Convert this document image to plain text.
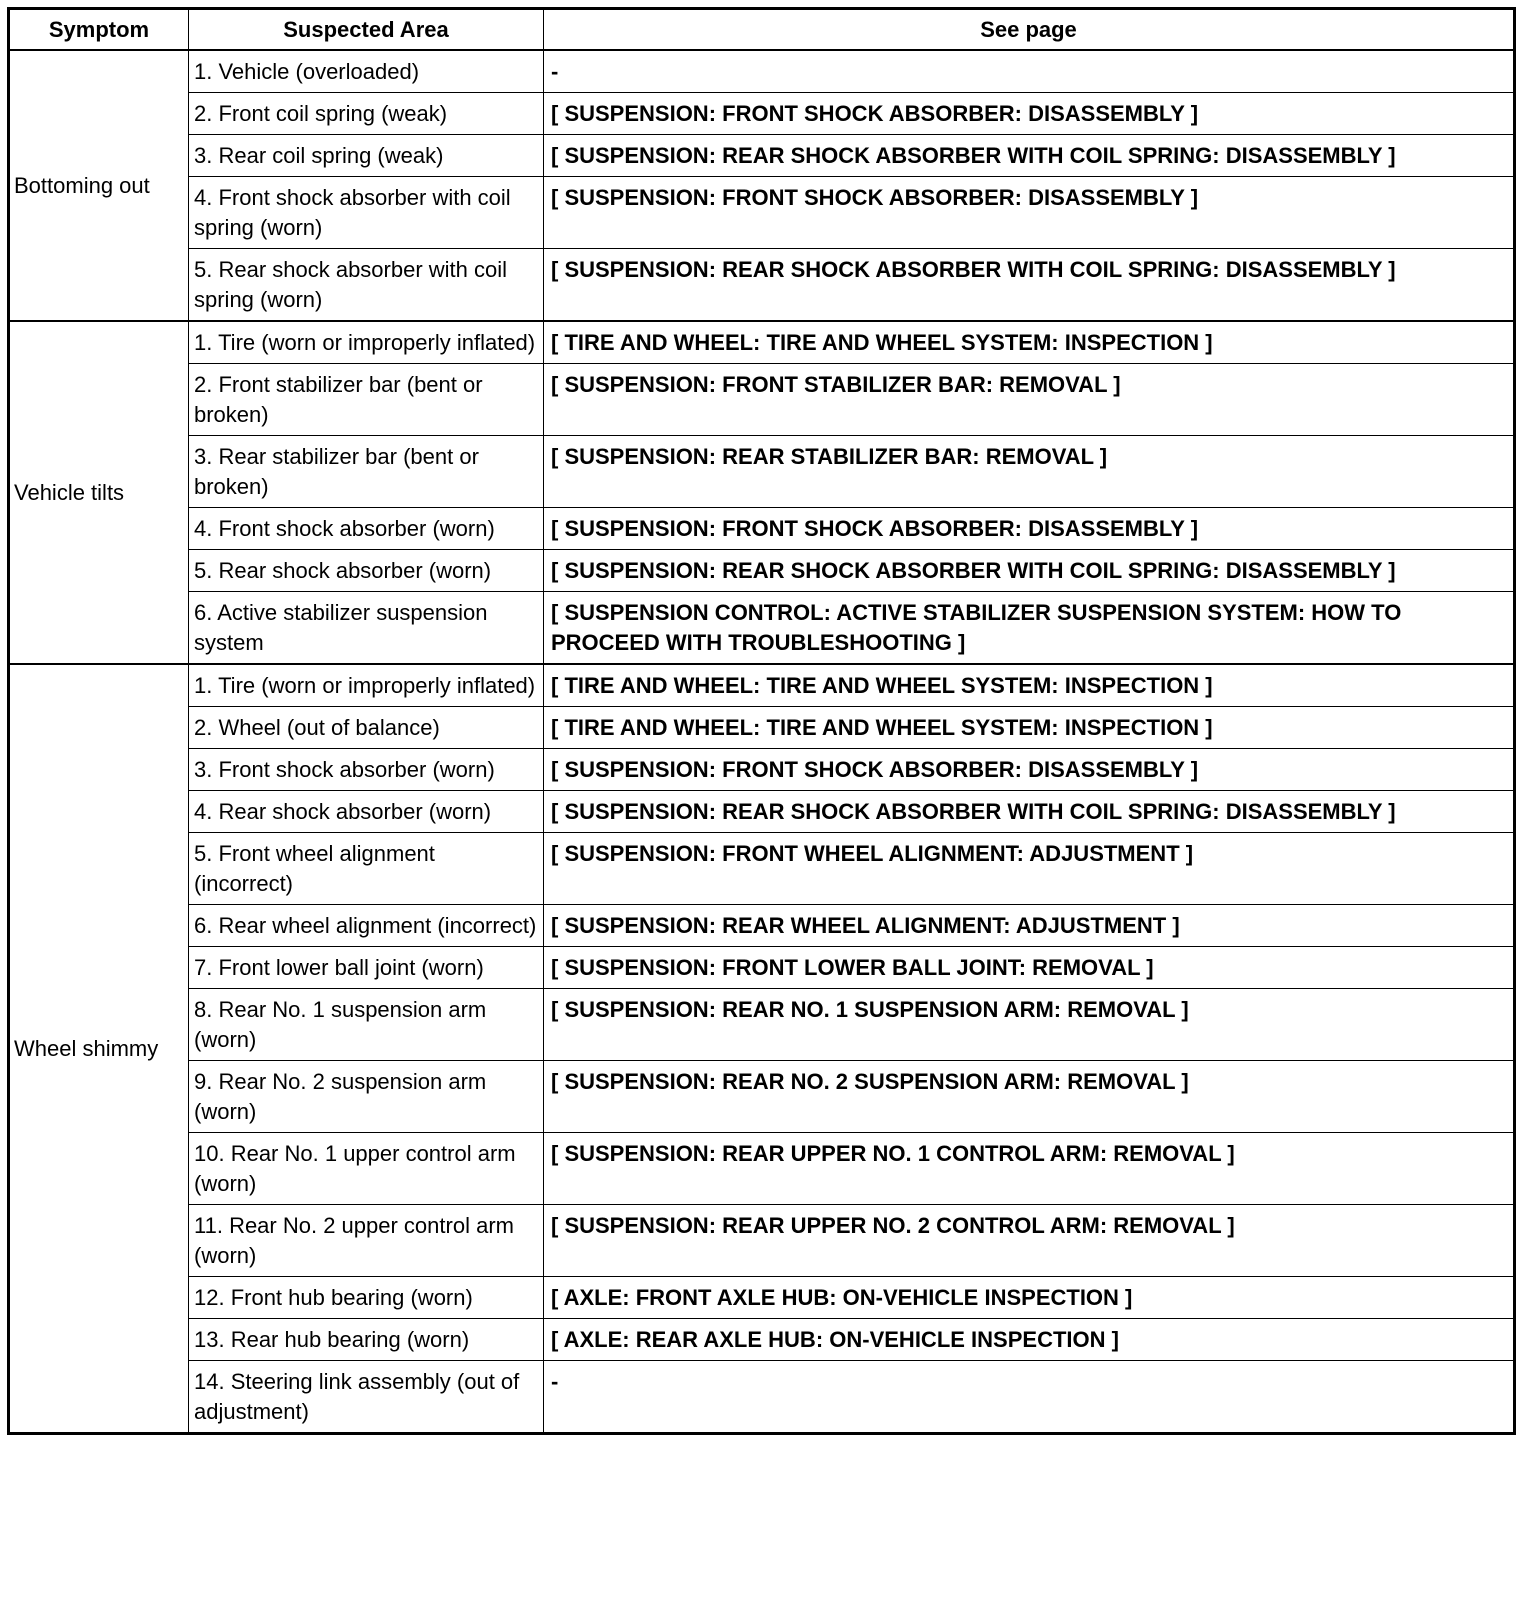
Symptom	Suspected Area	See page
Bottoming out	1. Vehicle (overloaded)	-
	2. Front coil spring (weak)	[ SUSPENSION: FRONT SHOCK ABSORBER: DISASSEMBLY ]
	3. Rear coil spring (weak)	[ SUSPENSION: REAR SHOCK ABSORBER WITH COIL SPRING: DISASSEMBLY ]
	4. Front shock absorber with coil spring (worn)	[ SUSPENSION: FRONT SHOCK ABSORBER: DISASSEMBLY ]
	5. Rear shock absorber with coil spring (worn)	[ SUSPENSION: REAR SHOCK ABSORBER WITH COIL SPRING: DISASSEMBLY ]
Vehicle tilts	1. Tire (worn or improperly inflated)	[ TIRE AND WHEEL: TIRE AND WHEEL SYSTEM: INSPECTION ]
	2. Front stabilizer bar (bent or broken)	[ SUSPENSION: FRONT STABILIZER BAR: REMOVAL ]
	3. Rear stabilizer bar (bent or broken)	[ SUSPENSION: REAR STABILIZER BAR: REMOVAL ]
	4. Front shock absorber (worn)	[ SUSPENSION: FRONT SHOCK ABSORBER: DISASSEMBLY ]
	5. Rear shock absorber (worn)	[ SUSPENSION: REAR SHOCK ABSORBER WITH COIL SPRING: DISASSEMBLY ]
	6. Active stabilizer suspension system	[ SUSPENSION CONTROL: ACTIVE STABILIZER SUSPENSION SYSTEM: HOW TO PROCEED WITH TROUBLESHOOTING ]
Wheel shimmy	1. Tire (worn or improperly inflated)	[ TIRE AND WHEEL: TIRE AND WHEEL SYSTEM: INSPECTION ]
	2. Wheel (out of balance)	[ TIRE AND WHEEL: TIRE AND WHEEL SYSTEM: INSPECTION ]
	3. Front shock absorber (worn)	[ SUSPENSION: FRONT SHOCK ABSORBER: DISASSEMBLY ]
	4. Rear shock absorber (worn)	[ SUSPENSION: REAR SHOCK ABSORBER WITH COIL SPRING: DISASSEMBLY ]
	5. Front wheel alignment (incorrect)	[ SUSPENSION: FRONT WHEEL ALIGNMENT: ADJUSTMENT ]
	6. Rear wheel alignment (incorrect)	[ SUSPENSION: REAR WHEEL ALIGNMENT: ADJUSTMENT ]
	7. Front lower ball joint (worn)	[ SUSPENSION: FRONT LOWER BALL JOINT: REMOVAL ]
	8. Rear No. 1 suspension arm (worn)	[ SUSPENSION: REAR NO. 1 SUSPENSION ARM: REMOVAL ]
	9. Rear No. 2 suspension arm (worn)	[ SUSPENSION: REAR NO. 2 SUSPENSION ARM: REMOVAL ]
	10. Rear No. 1 upper control arm (worn)	[ SUSPENSION: REAR UPPER NO. 1 CONTROL ARM: REMOVAL ]
	11. Rear No. 2 upper control arm (worn)	[ SUSPENSION: REAR UPPER NO. 2 CONTROL ARM: REMOVAL ]
	12. Front hub bearing (worn)	[ AXLE: FRONT AXLE HUB: ON-VEHICLE INSPECTION ]
	13. Rear hub bearing (worn)	[ AXLE: REAR AXLE HUB: ON-VEHICLE INSPECTION ]
	14. Steering link assembly (out of adjustment)	-
